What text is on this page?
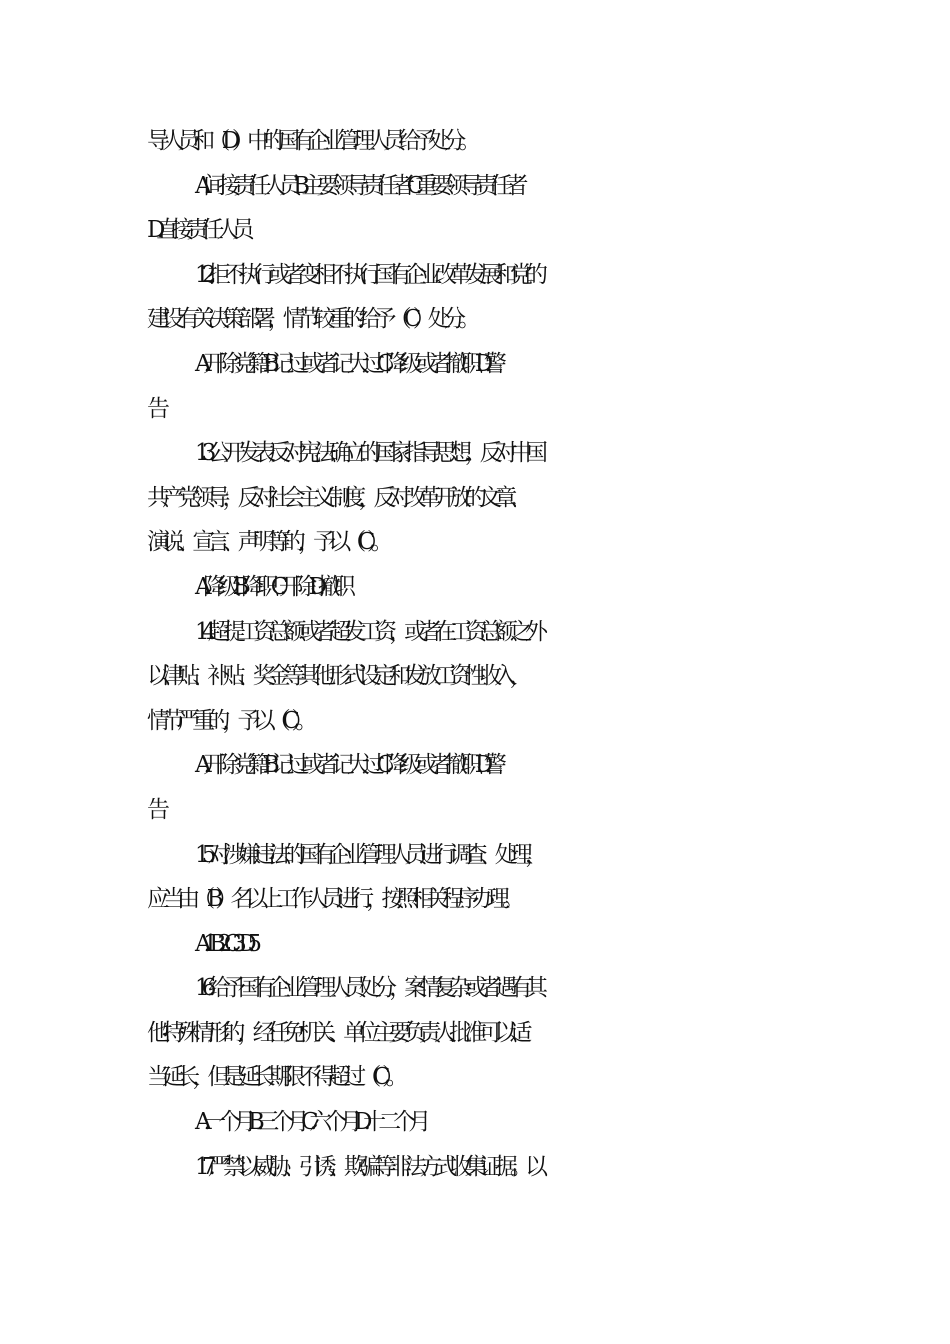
导人员和（ D ）中的国有企业管理人员给予处分。
A.间接责任人员 B.主要领导责任者 C.重要领导责任者
D.直接责任人员
12.拒不执行或者变相不执行国有企业改革发展和党的
建设有关决策部署，情节较重的给予（C ）处分。
A.开除党籍 B.记过或者记大过 C.降级或者撤职 D.警
告
13.公开发表反对宪法确立的国家指导思想，反对中国
共产党领导，反对社会主义制度，反对改革开放的文章、
演说、宣言、声明等的，予以（ C ）。
A.降级 B.降职 C.开除 D.撤职
14.超提工资总额或者超发工资，或者在工资总额之外
以津贴、补贴、奖金等其他形式设定和发放工资性收入，
情节严重的，予以（ C ）。
A.开除党籍 B.记过或者记大过 C.降级或者撤职 D.警
告
15.对涉嫌违法的国有企业管理人员进行调查、处理，
应当由（ B ）名以上工作人员进行，按照相关程序办理。
A.1 B.2 C.3 D.5
16.给予国有企业管理人员处分，案情复杂或者遇有其
他特殊情形的，经任免机关、单位主要负责人批准可以适
当延长，但是延长期限不得超过（ C ）。
A.一个月 B.三个月 C.六个月 D.十二个月
17.严禁以威胁、引诱、欺骗等非法方式收集证据。以
